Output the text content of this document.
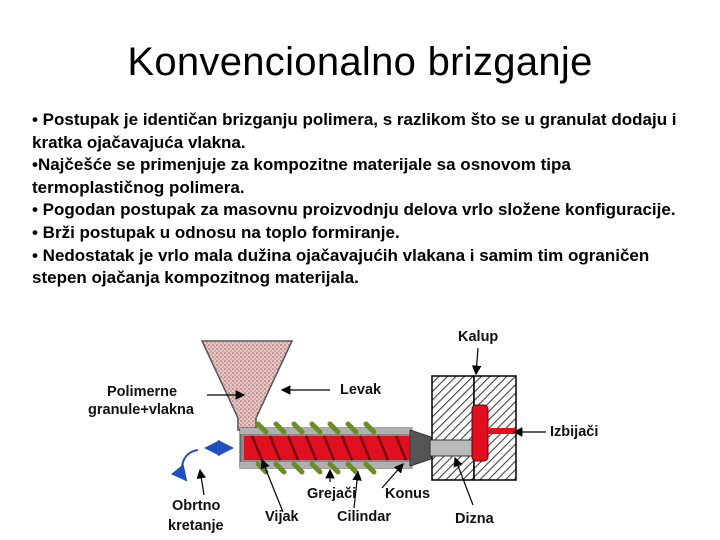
Konvencionalno brizganje

• Postupak je identičan brizganju polimera, s razlikom što se u granulat dodaju i kratka ojačavajuća vlakna.

•Najčešće se primenjuje za kompozitne materijale sa osnovom tipa termoplastičnog polimera.

• Pogodan postupak za masovnu proizvodnju delova vrlo složene konfiguracije.

• Brži postupak u odnosu na toplo formiranje.

• Nedostatak je vrlo mala dužina ojačavajućih vlakana i samim tim ograničen stepen ojačanja kompozitnog materijala.

Kalup
Polimerne
granule+vlakna
Levak
Izbijači
Obrtno
kretanje
Grejači Konus
Vijak	Cilindar	Dizna
